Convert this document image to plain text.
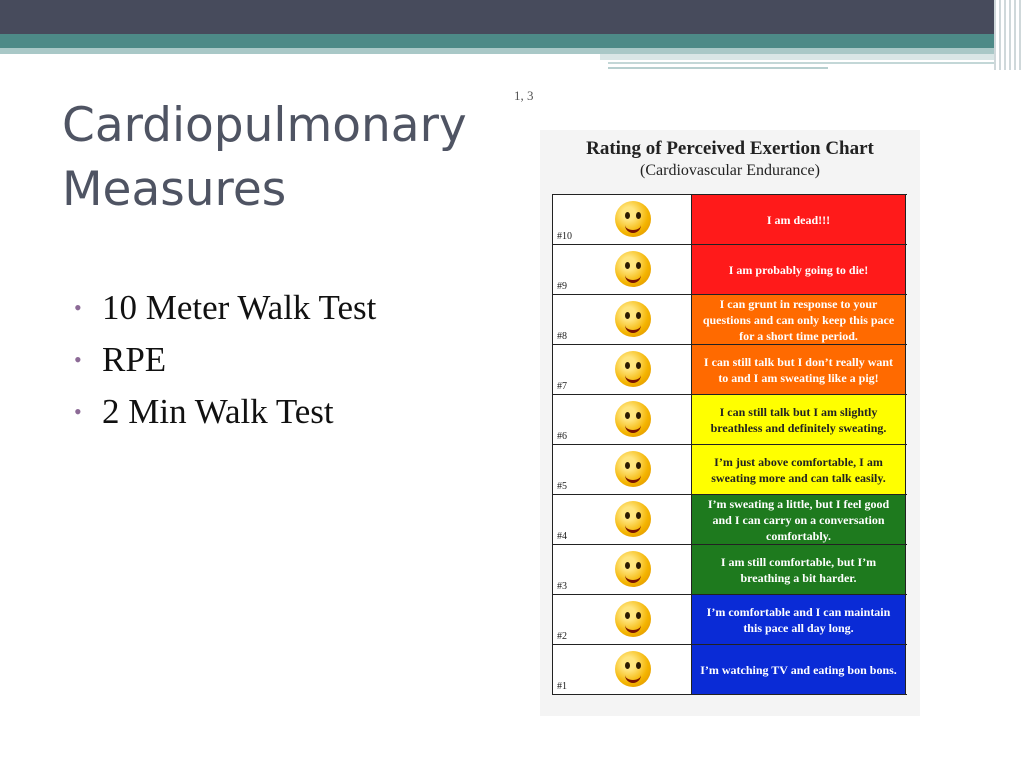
Cardiopulmonary Measures
1, 3
• 10 Meter Walk Test
• RPE
• 2 Min Walk Test
Rating of Perceived Exertion Chart
(Cardiovascular Endurance)
#10
I am dead!!!
#9
I am probably going to die!
#8
I can grunt in response to your questions and can only keep this pace for a short time period.
#7
I can still talk but I don’t really want to and I am sweating like a pig!
#6
I can still talk but I am slightly breathless and definitely sweating.
#5
I’m just above comfortable, I am sweating more and can talk easily.
#4
I’m sweating a little, but I feel good and I can carry on a conversation comfortably.
#3
I am still comfortable, but I’m breathing a bit harder.
#2
I’m comfortable and I can maintain this pace all day long.
#1
I’m watching TV and eating bon bons.
